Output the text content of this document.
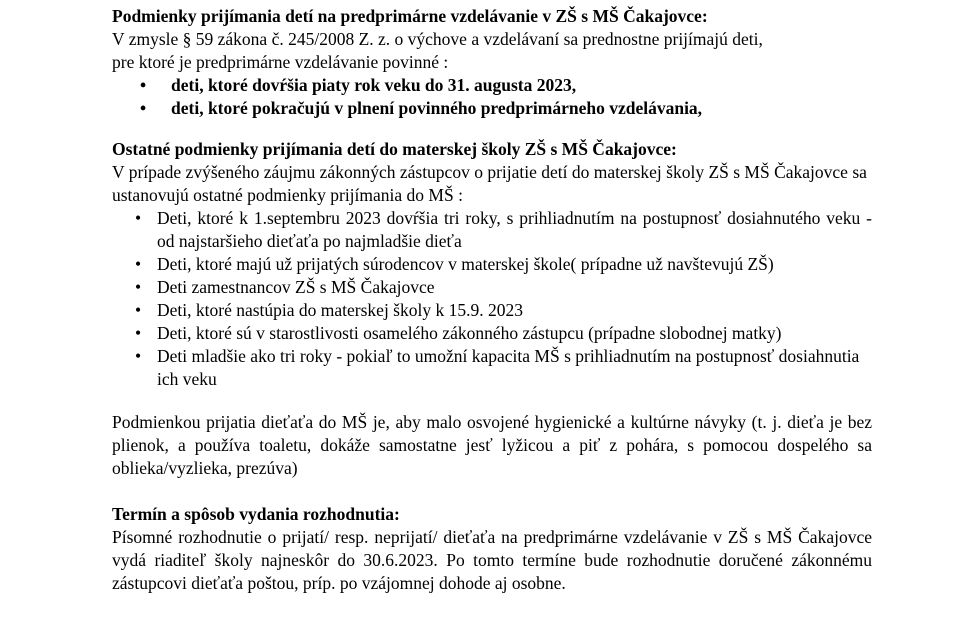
Podmienky prijímania detí na predprimárne vzdelávanie v ZŠ s MŠ Čakajovce:

V zmysle § 59 zákona č. 245/2008 Z. z. o výchove a vzdelávaní sa prednostne prijímajú deti,

pre ktoré je predprimárne vzdelávanie povinné :

• deti, ktoré dovŕšia piaty rok veku do 31. augusta 2023,
• deti, ktoré pokračujú v plnení povinného predprimárneho vzdelávania,

Ostatné podmienky prijímania detí do materskej školy ZŠ s MŠ Čakajovce:

V prípade zvýšeného záujmu zákonných zástupcov o prijatie detí do materskej školy ZŠ s MŠ Čakajovce sa ustanovujú ostatné podmienky prijímania do MŠ :

• Deti, ktoré k 1.septembru 2023 dovŕšia tri roky, s prihliadnutím na postupnosť dosiahnutého veku - od najstaršieho dieťaťa po najmladšie dieťa
• Deti, ktoré majú už prijatých súrodencov v materskej škole( prípadne už navštevujú ZŠ)
• Deti zamestnancov ZŠ s MŠ Čakajovce
• Deti, ktoré nastúpia do materskej školy k 15.9. 2023
• Deti, ktoré sú v starostlivosti osamelého zákonného zástupcu (prípadne slobodnej matky)
• Deti mladšie ako tri roky - pokiaľ to umožní kapacita MŠ s prihliadnutím na postupnosť dosiahnutia ich veku

Podmienkou prijatia dieťaťa do MŠ je, aby malo osvojené hygienické a kultúrne návyky (t. j. dieťa je bez plienok, a používa toaletu, dokáže samostatne jesť lyžicou a piť z pohára, s pomocou dospelého sa oblieka/vyzlieka, prezúva)

Termín a spôsob vydania rozhodnutia:

Písomné rozhodnutie o prijatí/ resp. neprijatí/ dieťaťa na predprimárne vzdelávanie v ZŠ s MŠ Čakajovce vydá riaditeľ školy najneskôr do 30.6.2023. Po tomto termíne bude rozhodnutie doručené zákonnému zástupcovi dieťaťa poštou, príp. po vzájomnej dohode aj osobne.
